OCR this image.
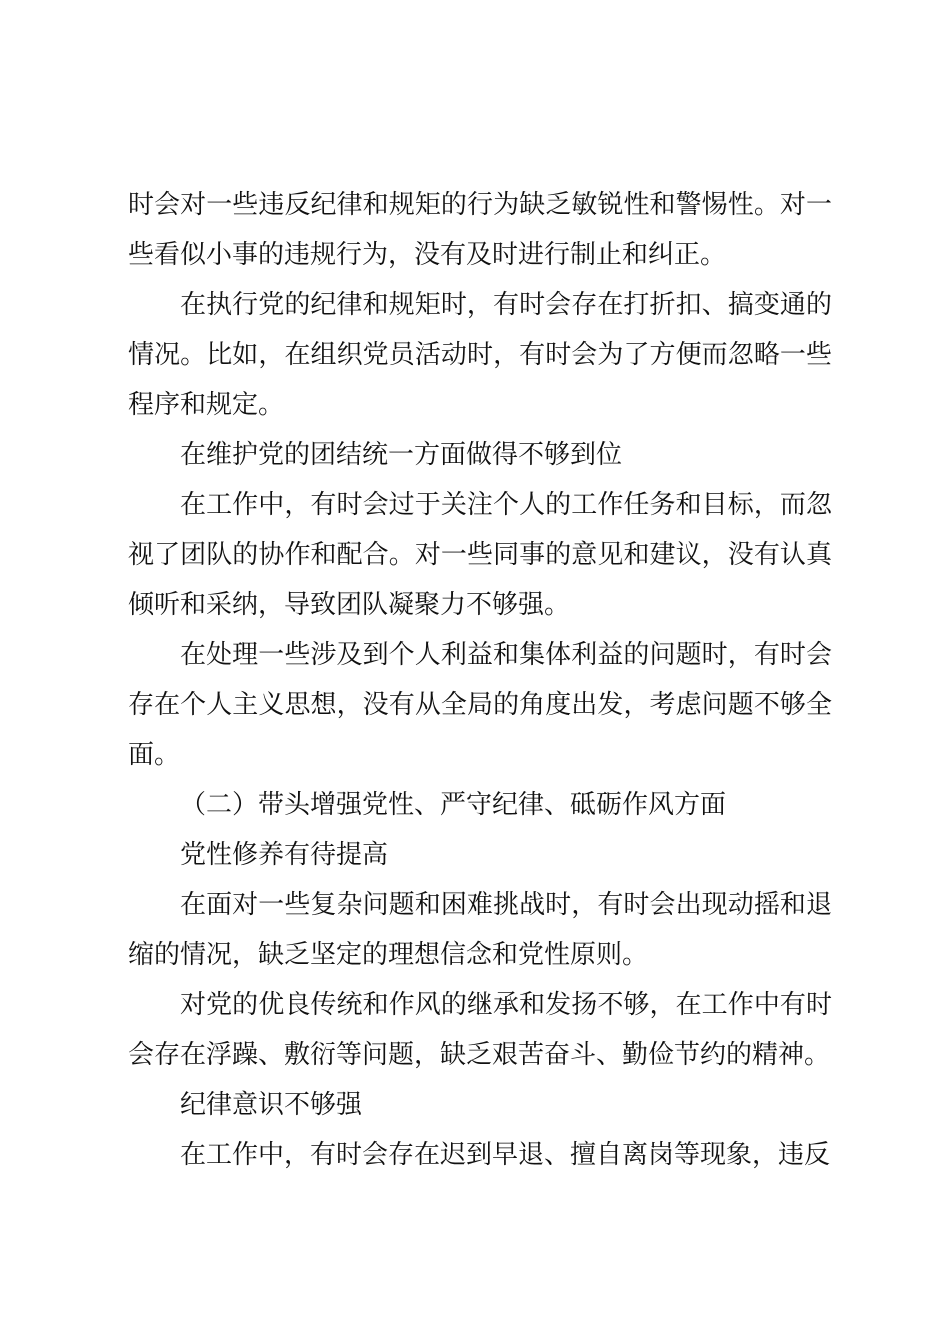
时会对一些违反纪律和规矩的行为缺乏敏锐性和警惕性。对一些看似小事的违规行为，没有及时进行制止和纠正。

在执行党的纪律和规矩时，有时会存在打折扣、搞变通的情况。比如，在组织党员活动时，有时会为了方便而忽略一些程序和规定。

在维护党的团结统一方面做得不够到位

在工作中，有时会过于关注个人的工作任务和目标，而忽视了团队的协作和配合。对一些同事的意见和建议，没有认真倾听和采纳，导致团队凝聚力不够强。

在处理一些涉及到个人利益和集体利益的问题时，有时会存在个人主义思想，没有从全局的角度出发，考虑问题不够全面。

（二）带头增强党性、严守纪律、砥砺作风方面

党性修养有待提高

在面对一些复杂问题和困难挑战时，有时会出现动摇和退缩的情况，缺乏坚定的理想信念和党性原则。

对党的优良传统和作风的继承和发扬不够，在工作中有时会存在浮躁、敷衍等问题，缺乏艰苦奋斗、勤俭节约的精神。

纪律意识不够强

在工作中，有时会存在迟到早退、擅自离岗等现象，违反
